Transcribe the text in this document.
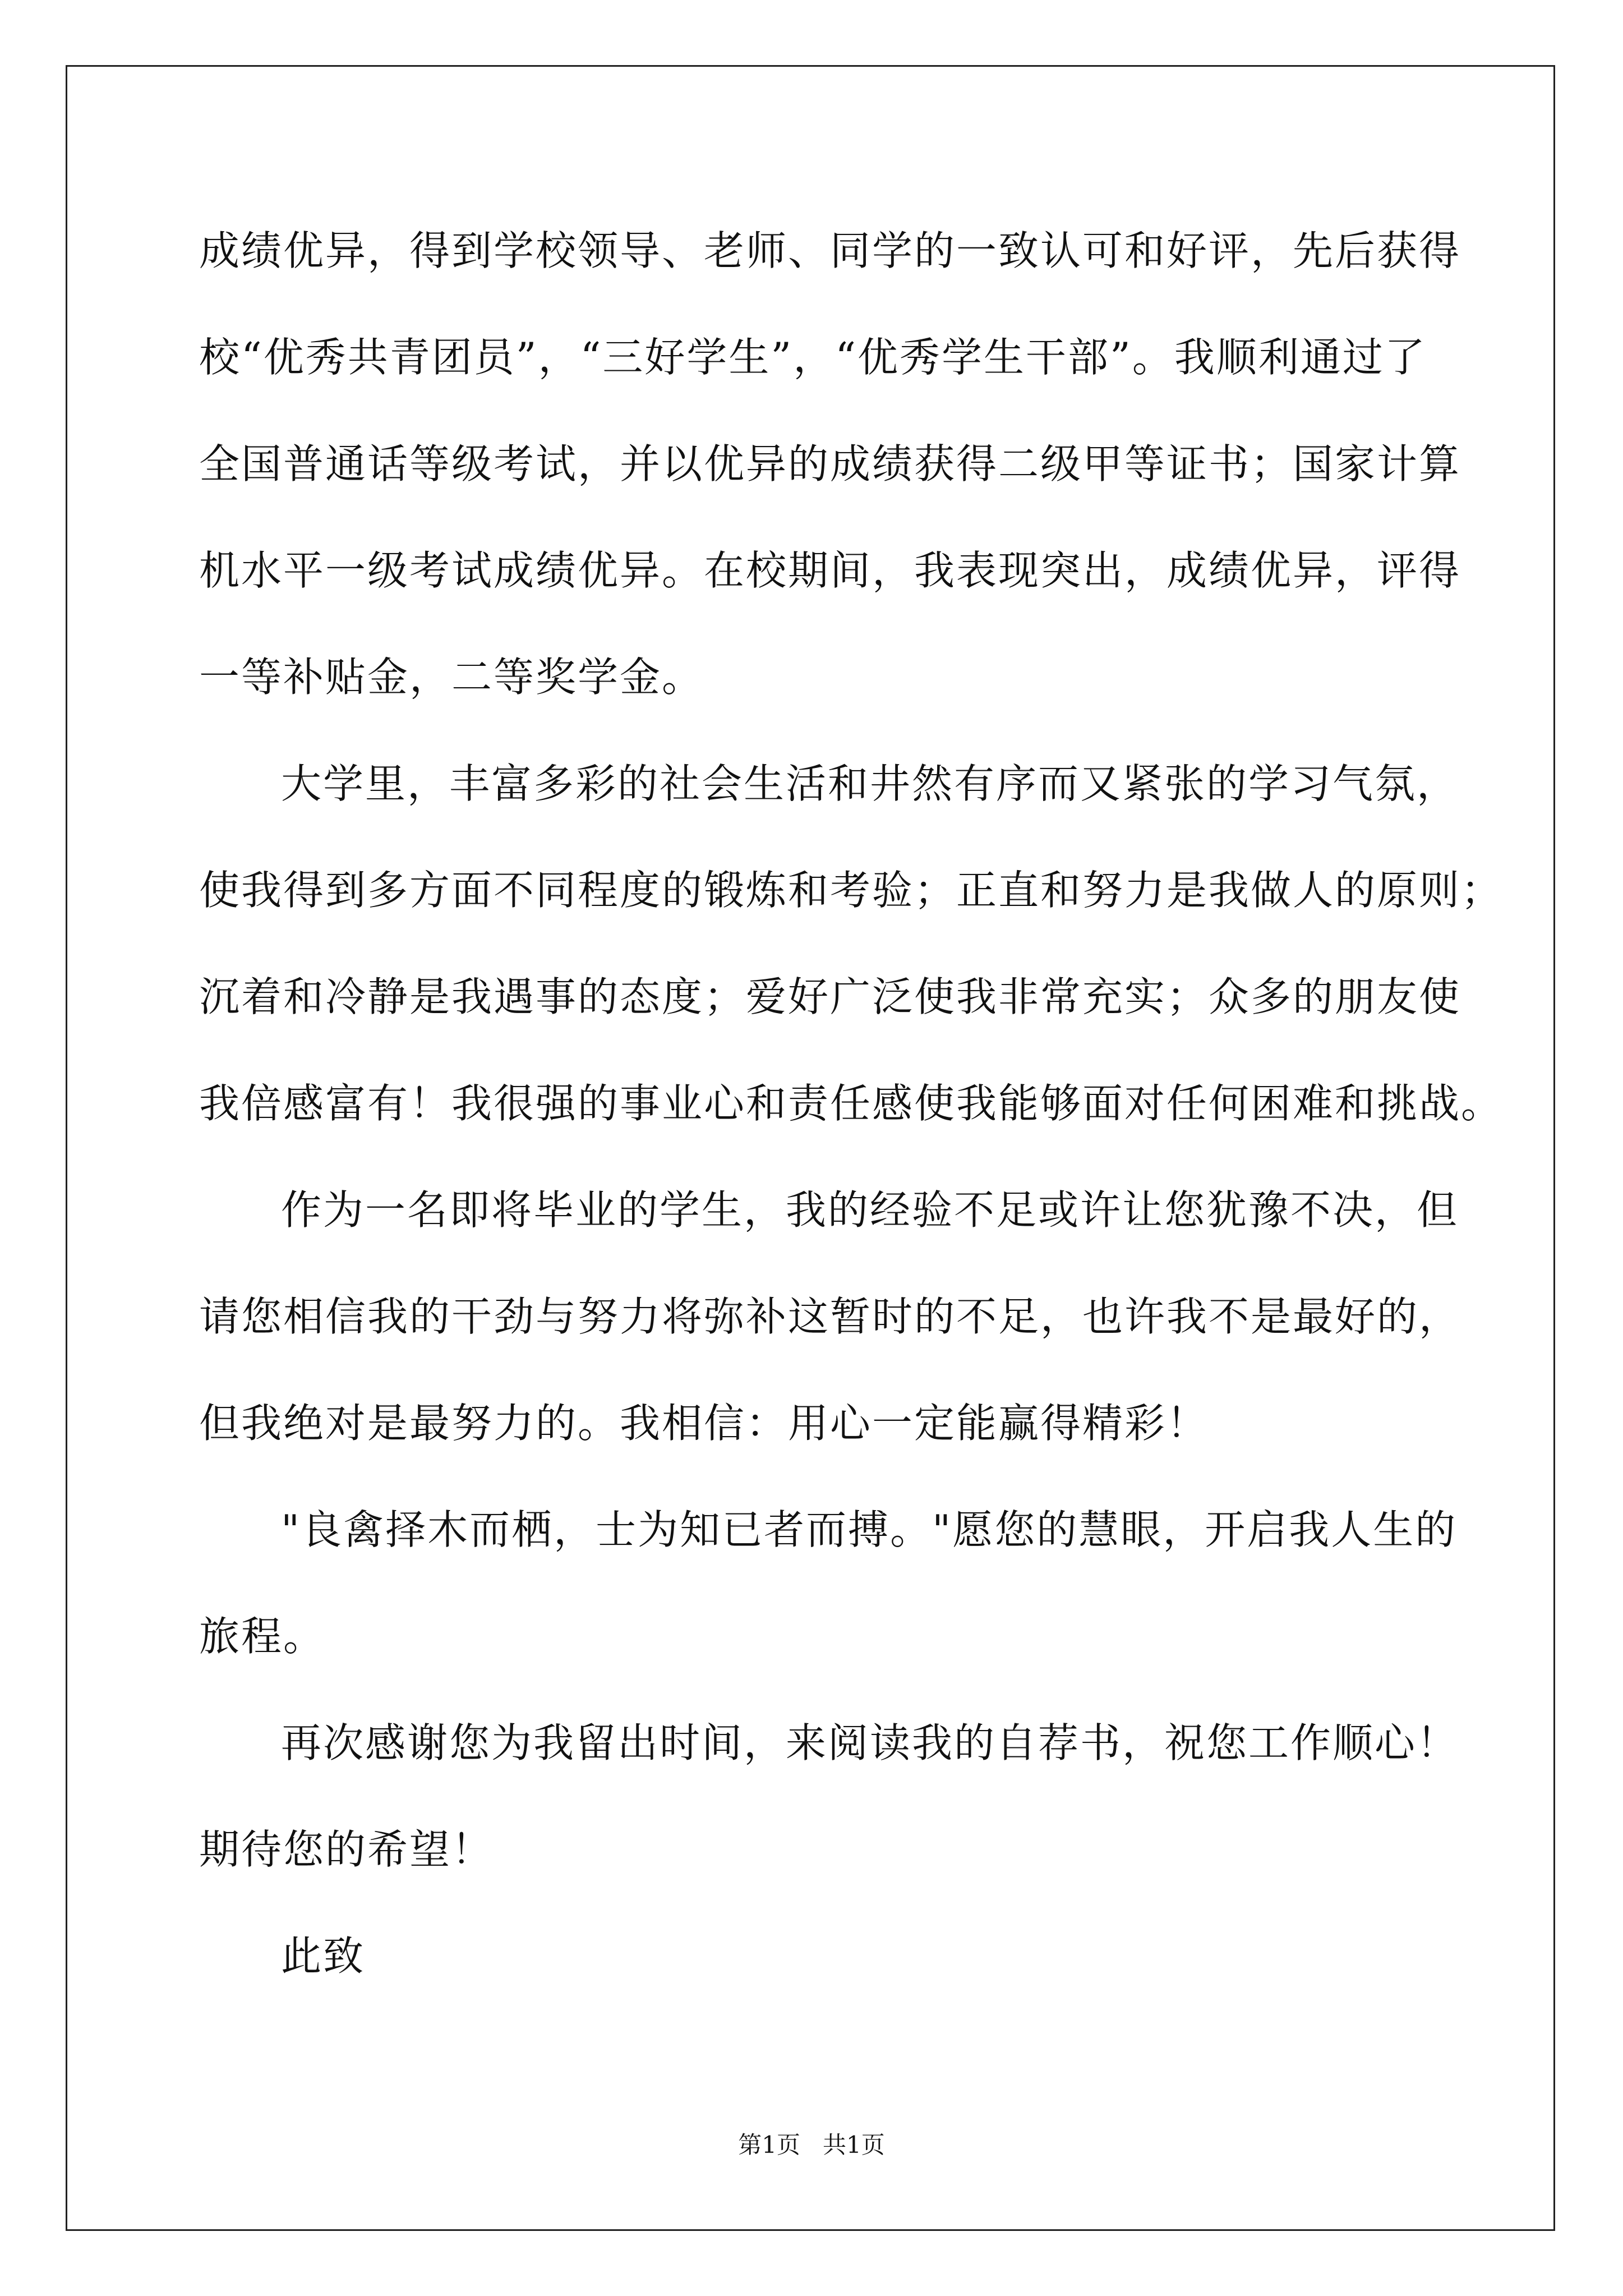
成绩优异，得到学校领导、老师、同学的一致认可和好评，先后获得
校“优秀共青团员”，“三好学生”，“优秀学生干部”。我顺利通过了
全国普通话等级考试，并以优异的成绩获得二级甲等证书；国家计算
机水平一级考试成绩优异。在校期间，我表现突出，成绩优异，评得
一等补贴金，二等奖学金。
大学里，丰富多彩的社会生活和井然有序而又紧张的学习气氛，
使我得到多方面不同程度的锻炼和考验；正直和努力是我做人的原则；
沉着和冷静是我遇事的态度；爱好广泛使我非常充实；众多的朋友使
我倍感富有！我很强的事业心和责任感使我能够面对任何困难和挑战。
作为一名即将毕业的学生，我的经验不足或许让您犹豫不决，但
请您相信我的干劲与努力将弥补这暂时的不足，也许我不是最好的，
但我绝对是最努力的。我相信：用心一定能赢得精彩！
"良禽择木而栖，士为知已者而搏。"愿您的慧眼，开启我人生的
旅程。
再次感谢您为我留出时间，来阅读我的自荐书，祝您工作顺心！
期待您的希望！
此致
第1页 共1页
